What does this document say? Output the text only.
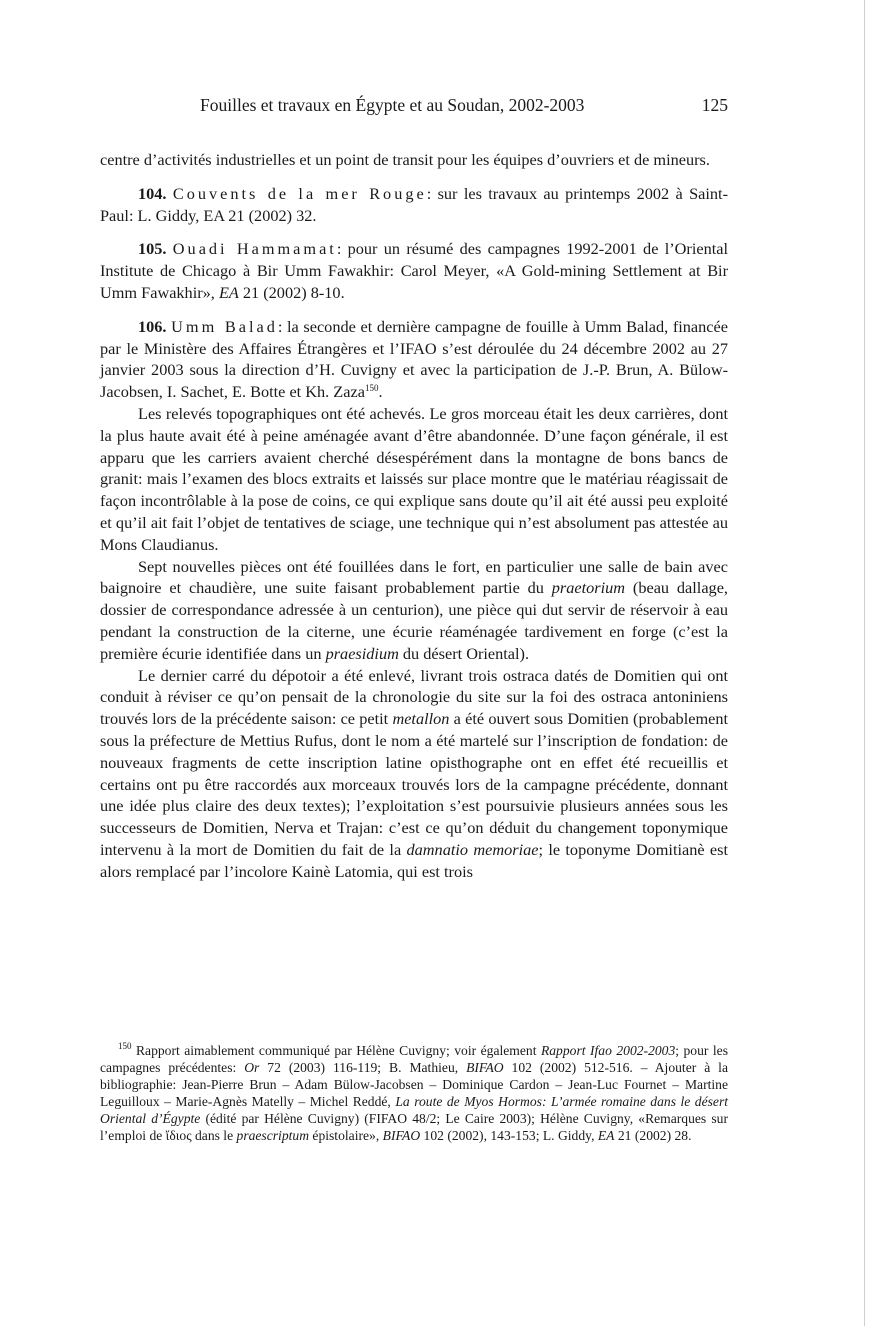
Fouilles et travaux en Égypte et au Soudan, 2002-2003	125

centre d’activités industrielles et un point de transit pour les équipes d’ouvriers et de mineurs.

104. Couvents de la mer Rouge: sur les travaux au printemps 2002 à Saint-Paul: L. Giddy, EA 21 (2002) 32.

105. Ouadi Hammamat: pour un résumé des campagnes 1992-2001 de l’Oriental Institute de Chicago à Bir Umm Fawakhir: Carol Meyer, «A Gold-mining Settlement at Bir Umm Fawakhir», EA 21 (2002) 8-10.

106. Umm Balad: la seconde et dernière campagne de fouille à Umm Balad, financée par le Ministère des Affaires Étrangères et l’IFAO s’est déroulée du 24 décembre 2002 au 27 janvier 2003 sous la direction d’H. Cuvigny et avec la participation de J.-P. Brun, A. Bülow-Jacobsen, I. Sachet, E. Botte et Kh. Zaza$^{150}$.

Les relevés topographiques ont été achevés. Le gros morceau était les deux carrières, dont la plus haute avait été à peine aménagée avant d’être abandonnée. D’une façon générale, il est apparu que les carriers avaient cherché désespérément dans la montagne de bons bancs de granit: mais l’examen des blocs extraits et laissés sur place montre que le matériau réagissait de façon incontrôlable à la pose de coins, ce qui explique sans doute qu’il ait été aussi peu exploité et qu’il ait fait l’objet de tentatives de sciage, une technique qui n’est absolument pas attestée au Mons Claudianus.

Sept nouvelles pièces ont été fouillées dans le fort, en particulier une salle de bain avec baignoire et chaudière, une suite faisant probablement partie du praetorium (beau dallage, dossier de correspondance adressée à un centurion), une pièce qui dut servir de réservoir à eau pendant la construction de la citerne, une écurie réaménagée tardivement en forge (c’est la première écurie identifiée dans un praesidium du désert Oriental).

Le dernier carré du dépotoir a été enlevé, livrant trois ostraca datés de Domitien qui ont conduit à réviser ce qu’on pensait de la chronologie du site sur la foi des ostraca antoniniens trouvés lors de la précédente saison: ce petit metallon a été ouvert sous Domitien (probablement sous la préfecture de Mettius Rufus, dont le nom a été martelé sur l’inscription de fondation: de nouveaux fragments de cette inscription latine opisthographe ont en effet été recueillis et certains ont pu être raccordés aux morceaux trouvés lors de la campagne précédente, donnant une idée plus claire des deux textes); l’exploitation s’est poursuivie plusieurs années sous les successeurs de Domitien, Nerva et Trajan: c’est ce qu’on déduit du changement toponymique intervenu à la mort de Domitien du fait de la damnatio memoriae; le toponyme Domitianè est alors remplacé par l’incolore Kainè Latomia, qui est trois

$^{150}$ Rapport aimablement communiqué par Hélène Cuvigny; voir également Rapport Ifao 2002-2003; pour les campagnes précédentes: Or 72 (2003) 116-119; B. Mathieu, BIFAO 102 (2002) 512-516. – Ajouter à la bibliographie: Jean-Pierre Brun – Adam Bülow-Jacobsen – Dominique Cardon – Jean-Luc Fournet – Martine Leguilloux – Marie-Agnès Matelly – Michel Reddé, La route de Myos Hormos: L’armée romaine dans le désert Oriental d’Égypte (édité par Hélène Cuvigny) (FIFAO 48/2; Le Caire 2003); Hélène Cuvigny, «Remarques sur l’emploi de ἴδιος dans le praescriptum épistolaire», BIFAO 102 (2002), 143-153; L. Giddy, EA 21 (2002) 28.
